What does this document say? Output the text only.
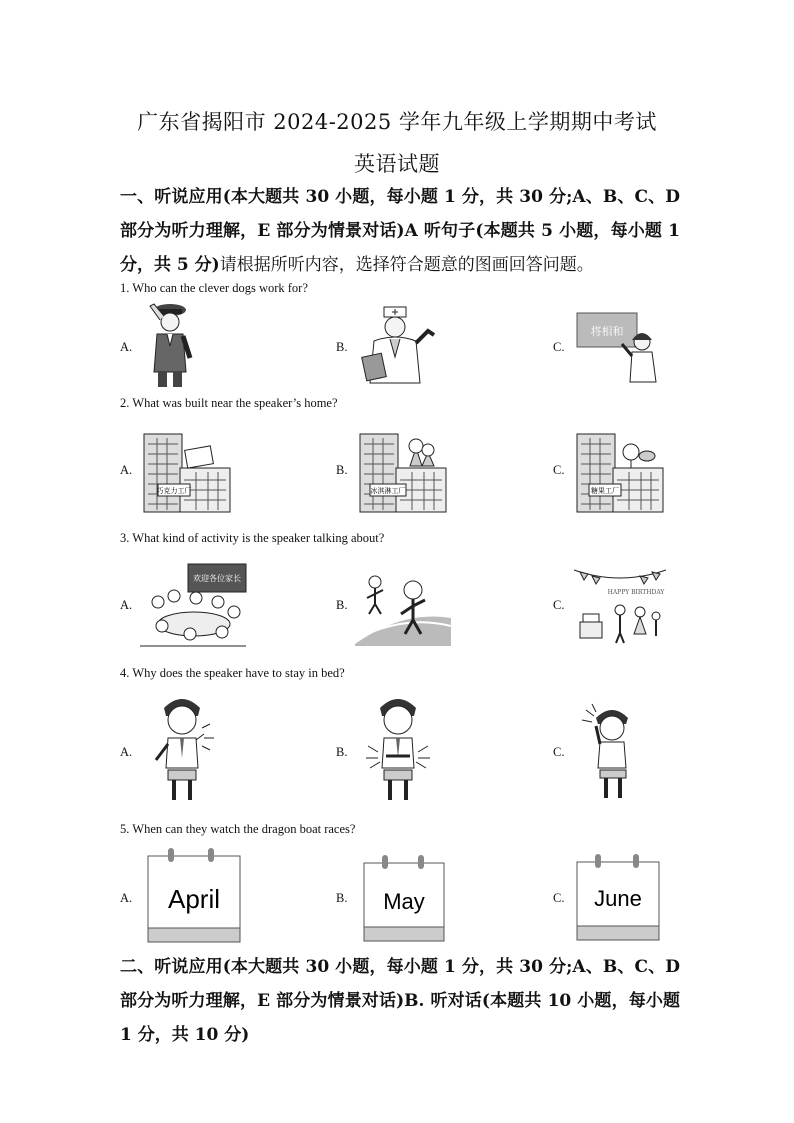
广东省揭阳市 2024-2025 学年九年级上学期期中考试
英语试题
一、听说应用(本大题共 30 小题，每小题 1 分，共 30 分;A、B、C、D 部分为听力理解，E 部分为情景对话)A 听句子(本题共 5 小题，每小题 1 分，共 5 分)请根据所听内容，选择符合题意的图画回答问题。
1. Who can the clever dogs work for?
A.	B.	C.
将相和
2. What was built near the speaker’s home?
A.	B.	C.
巧克力工厂	冰淇淋工厂	糖果工厂
3. What kind of activity is the speaker talking about?
A.	B.	C.
欢迎各位家长
HAPPY BIRTHDAY
4. Why does the speaker have to stay in bed?
A.	B.	C.
5. When can they watch the dragon boat races?
A.	B.	C.
April	May	June
二、听说应用(本大题共 30 小题，每小题 1 分，共 30 分;A、B、C、D 部分为听力理解，E 部分为情景对话)B. 听对话(本题共 10 小题，每小题 1 分，共 10 分)
